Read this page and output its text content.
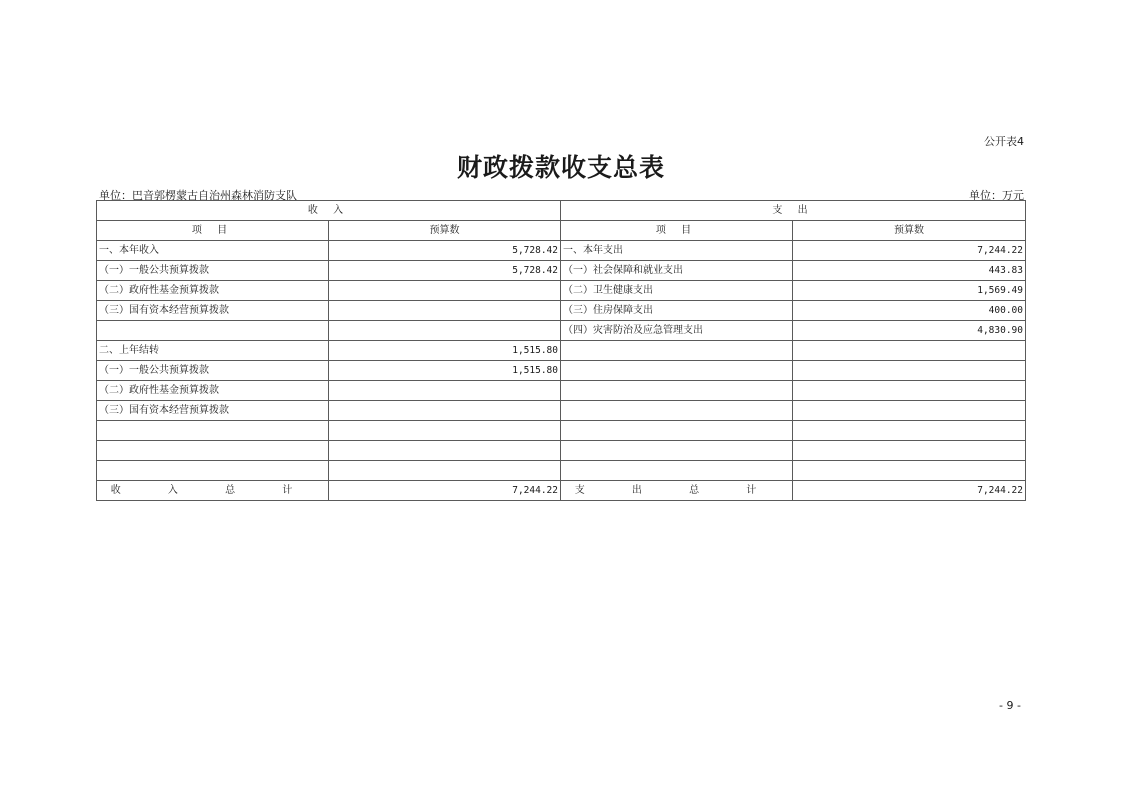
公开表4
财政拨款收支总表
单位：巴音郭楞蒙古自治州森林消防支队	单位：万元
收 入		支 出	
项 目	预算数	项 目	预算数
一、本年收入	5,728.42	一、本年支出	7,244.22
（一）一般公共预算拨款	5,728.42	（一）社会保障和就业支出	443.83
（二）政府性基金预算拨款		（二）卫生健康支出	1,569.49
（三）国有资本经营预算拨款		（三）住房保障支出	400.00
		（四）灾害防治及应急管理支出	4,830.90
二、上年结转	1,515.80		
（一）一般公共预算拨款	1,515.80		
（二）政府性基金预算拨款			
（三）国有资本经营预算拨款			

收 入 总 计	7,244.22	支 出 总 计	7,244.22
- 9 -
